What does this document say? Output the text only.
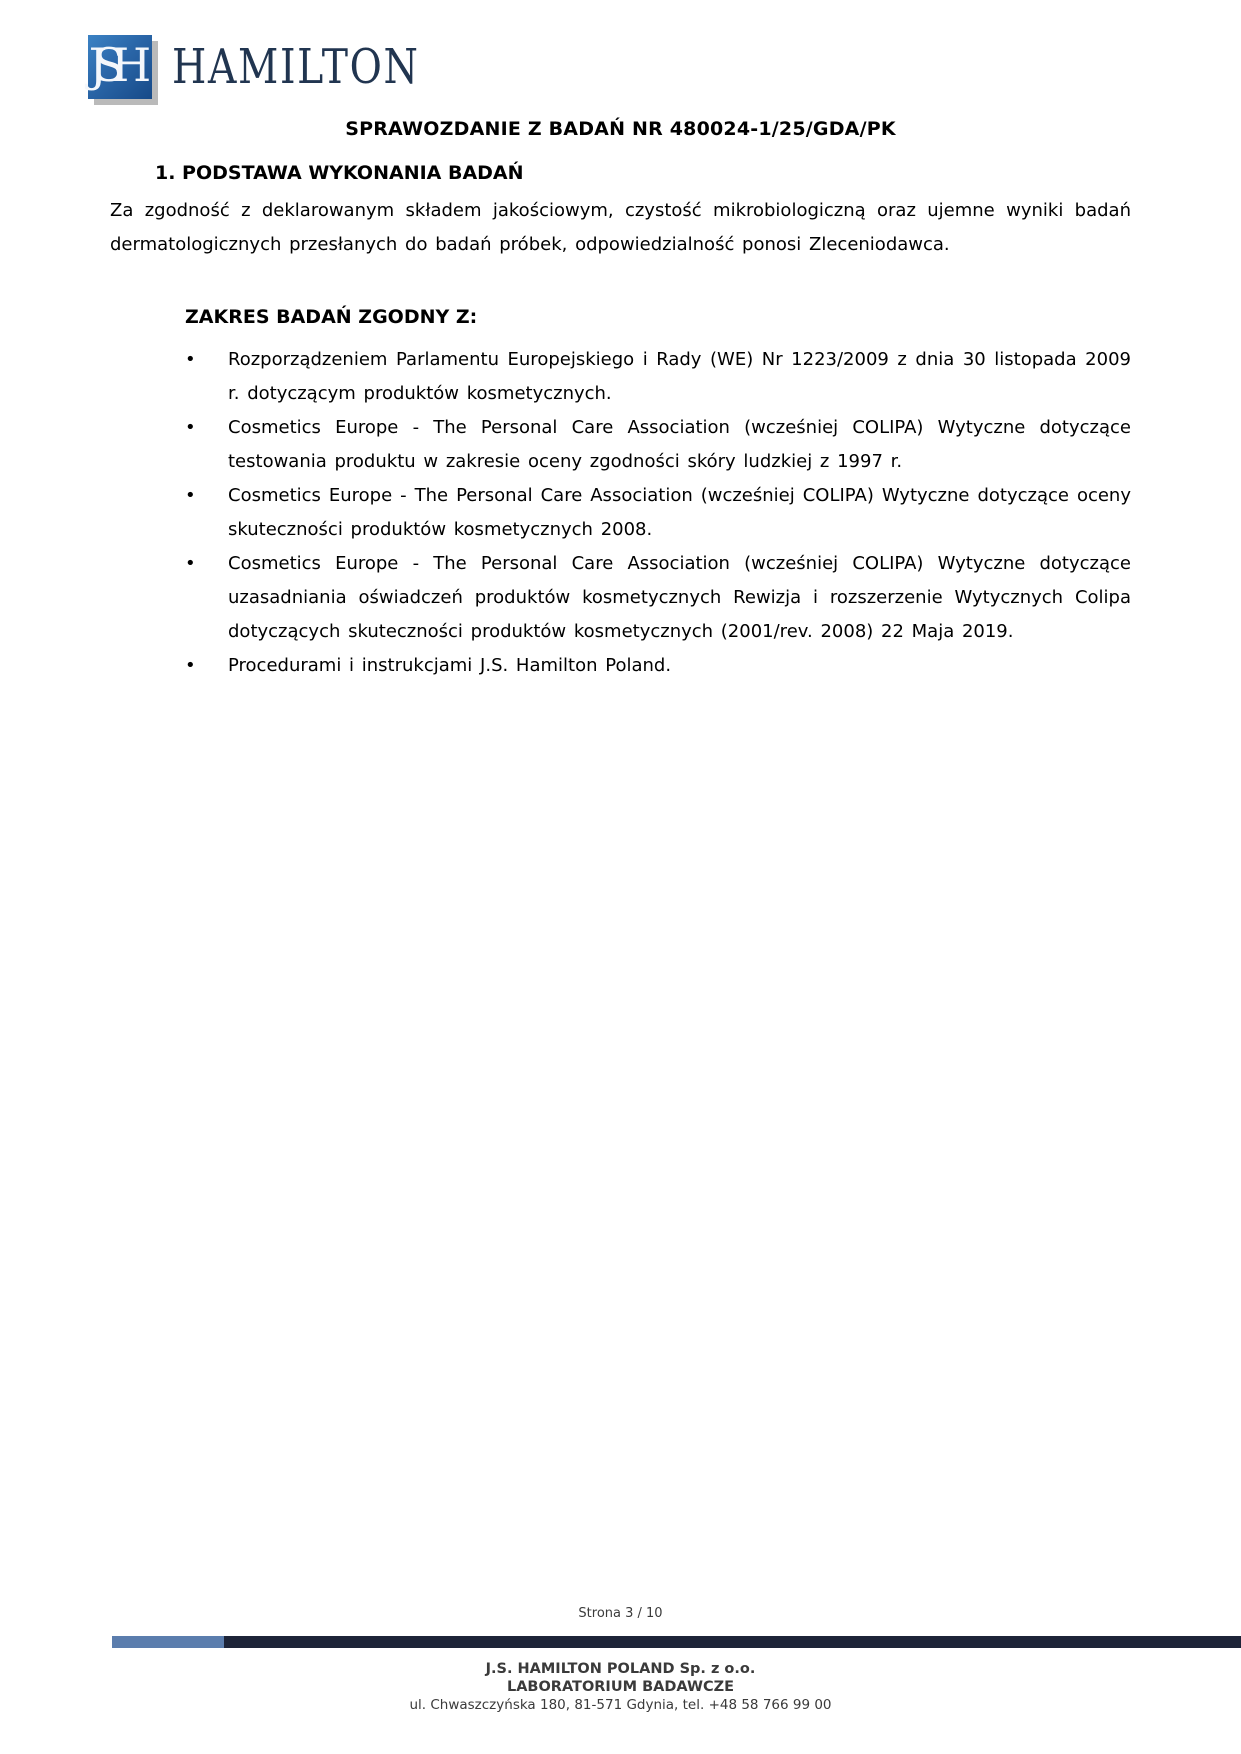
JSH HAMILTON
SPRAWOZDANIE Z BADAŃ NR 480024-1/25/GDA/PK
1. PODSTAWA WYKONANIA BADAŃ

Za zgodność z deklarowanym składem jakościowym, czystość mikrobiologiczną oraz ujemne wyniki badań dermatologicznych przesłanych do badań próbek, odpowiedzialność ponosi Zleceniodawca.

ZAKRES BADAŃ ZGODNY Z:
•	Rozporządzeniem Parlamentu Europejskiego i Rady (WE) Nr 1223/2009 z dnia 30 listopada 2009 r. dotyczącym produktów kosmetycznych.
•	Cosmetics Europe - The Personal Care Association (wcześniej COLIPA) Wytyczne dotyczące testowania produktu w zakresie oceny zgodności skóry ludzkiej z 1997 r.
•	Cosmetics Europe - The Personal Care Association (wcześniej COLIPA) Wytyczne dotyczące oceny skuteczności produktów kosmetycznych 2008.
•	Cosmetics Europe - The Personal Care Association (wcześniej COLIPA) Wytyczne dotyczące uzasadniania oświadczeń produktów kosmetycznych Rewizja i rozszerzenie Wytycznych Colipa dotyczących skuteczności produktów kosmetycznych (2001/rev. 2008) 22 Maja 2019.
•	Procedurami i instrukcjami J.S. Hamilton Poland.
Strona 3 / 10
J.S. HAMILTON POLAND Sp. z o.o.
LABORATORIUM BADAWCZE
ul. Chwaszczyńska 180, 81-571 Gdynia, tel. +48 58 766 99 00
